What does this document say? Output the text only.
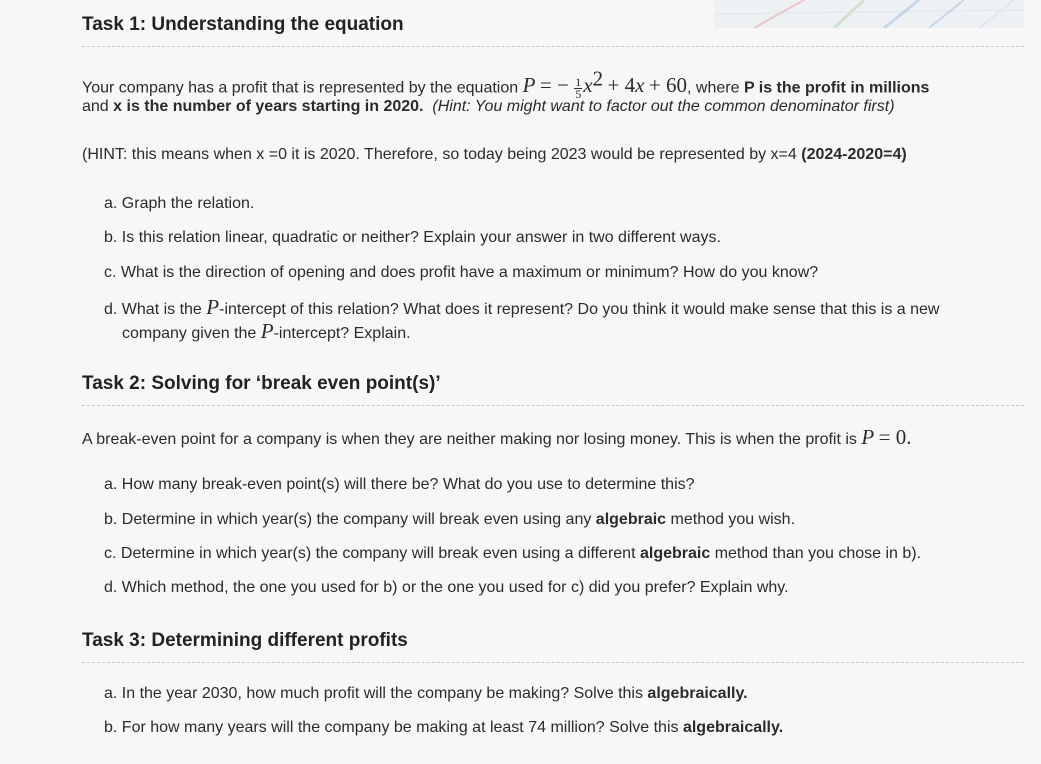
Task 1: Understanding the equation

Your company has a profit that is represented by the equation P = − $\frac{1}{5} x^2 + 4x + 60$, where P is the profit in millions

and x is the number of years starting in 2020. (Hint: You might want to factor out the common denominator first)

(HINT: this means when x =0 it is 2020. Therefore, so today being 2023 would be represented by x=4 (2024-2020=4)

a. Graph the relation.
b. Is this relation linear, quadratic or neither? Explain your answer in two different ways.
c. What is the direction of opening and does profit have a maximum or minimum? How do you know?
d. What is the P-intercept of this relation? What does it represent? Do you think it would make sense that this is a new
company given the P-intercept? Explain.
Task 2: Solving for ‘break even point(s)’

A break-even point for a company is when they are neither making nor losing money. This is when the profit is P = 0.

a. How many break-even point(s) will there be? What do you use to determine this?
b. Determine in which year(s) the company will break even using any algebraic method you wish.
c. Determine in which year(s) the company will break even using a different algebraic method than you chose in b).
d. Which method, the one you used for b) or the one you used for c) did you prefer? Explain why.
Task 3: Determining different profits
a. In the year 2030, how much profit will the company be making? Solve this algebraically.
b. For how many years will the company be making at least 74 million? Solve this algebraically.
